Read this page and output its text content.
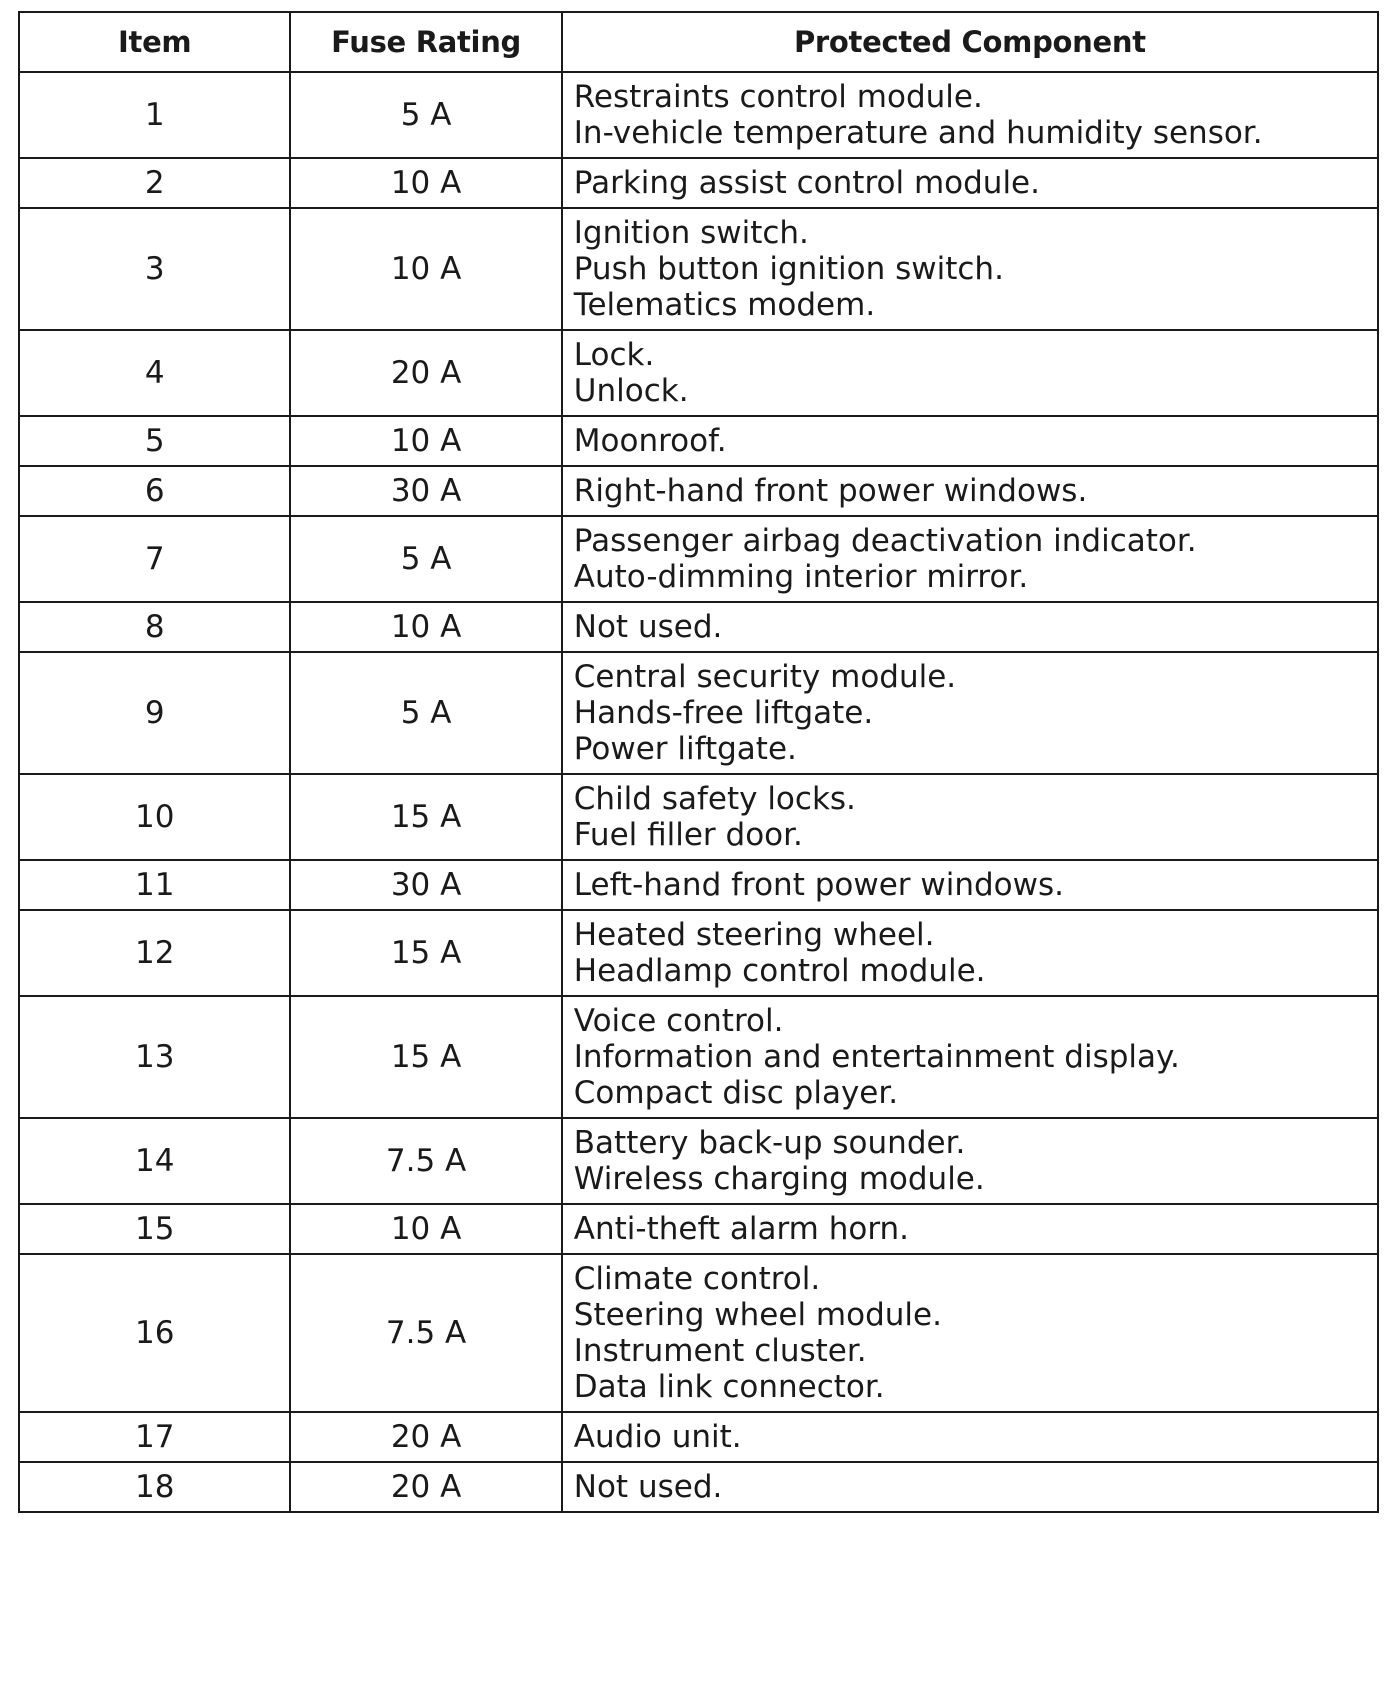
Item	Fuse Rating	Protected Component
1	5 A	Restraints control module.
In-vehicle temperature and humidity sensor.

2	10 A	Parking assist control module.

3	10 A	Ignition switch.
Push button ignition switch.
Telematics modem.

4	20 A	Lock.
Unlock.

5	10 A	Moonroof.

6	30 A	Right-hand front power windows.

7	5 A	Passenger airbag deactivation indicator.
Auto-dimming interior mirror.

8	10 A	Not used.

9	5 A	Central security module.
Hands-free liftgate.
Power liftgate.

10	15 A	Child safety locks.
Fuel filler door.

11	30 A	Left-hand front power windows.

12	15 A	Heated steering wheel.
Headlamp control module.

13	15 A	Voice control.
Information and entertainment display.
Compact disc player.

14	7.5 A	Battery back-up sounder.
Wireless charging module.

15	10 A	Anti-theft alarm horn.

16	7.5 A	Climate control.
Steering wheel module.
Instrument cluster.
Data link connector.

17	20 A	Audio unit.

18	20 A	Not used.
